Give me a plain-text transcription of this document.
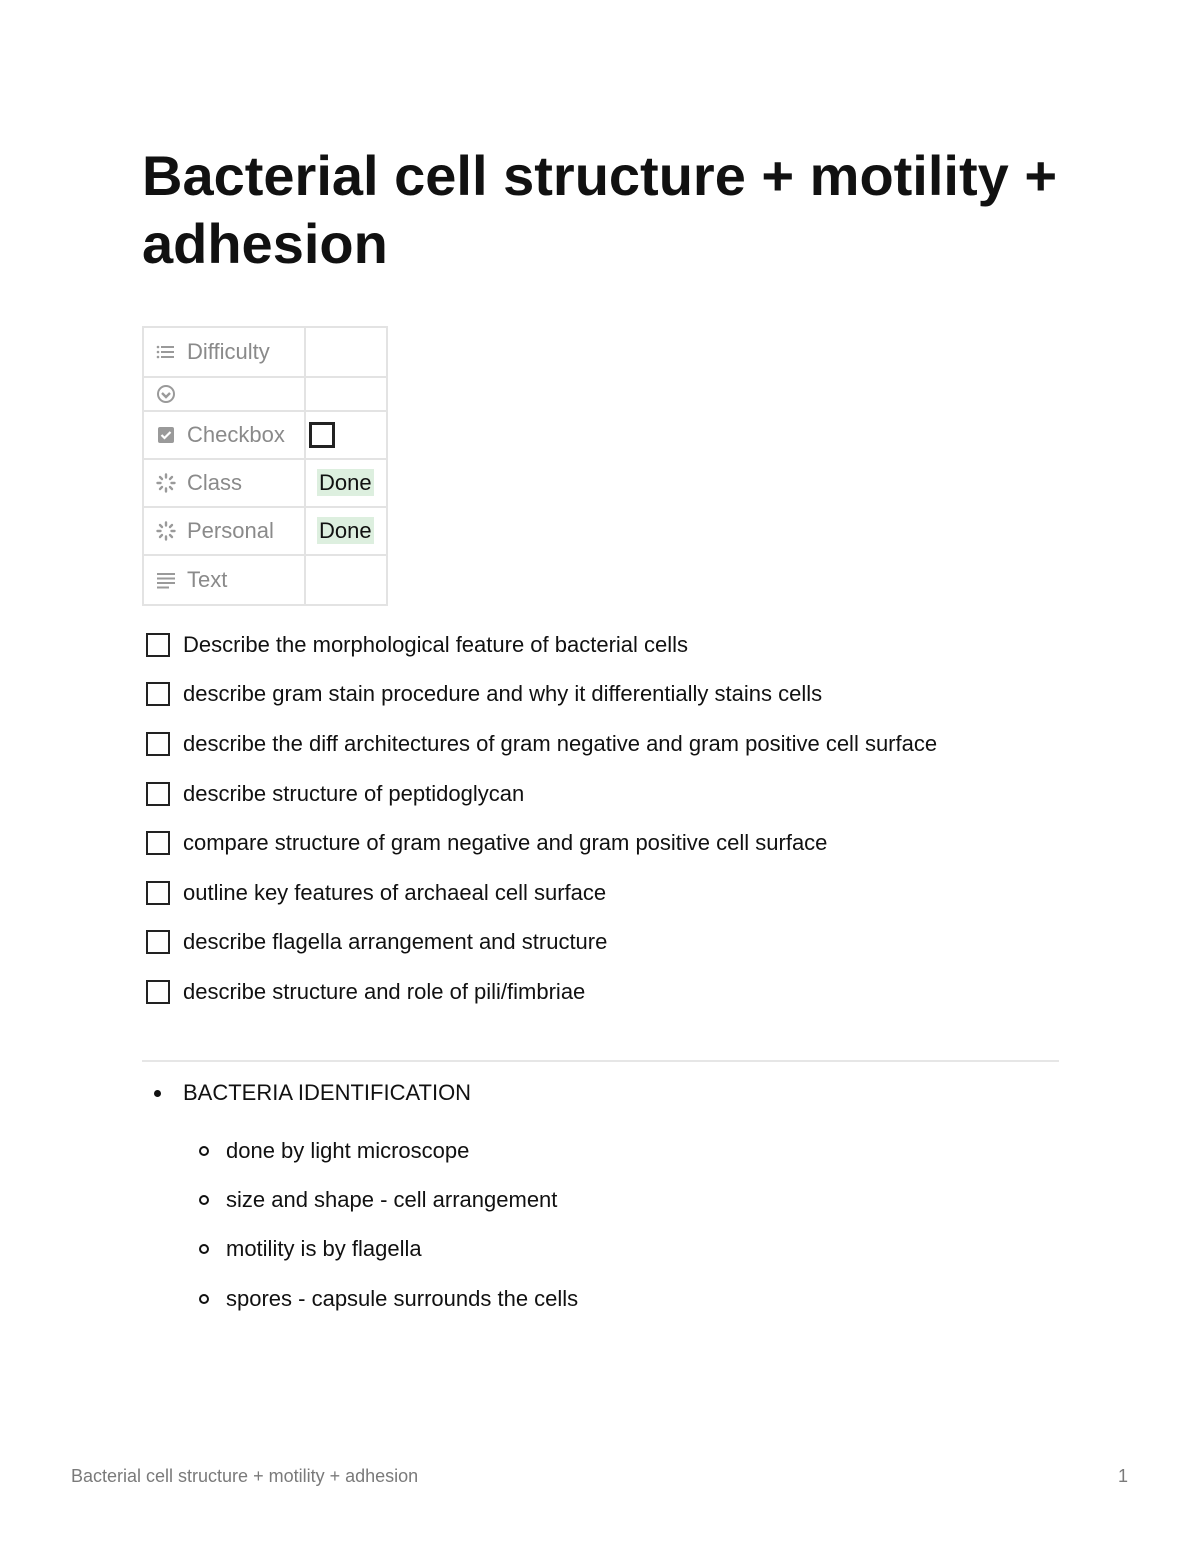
Bacterial cell structure + motility + adhesion
Difficulty	

Checkbox	

Class	Done

Personal	Done

Text	

Describe the morphological feature of bacterial cells
describe gram stain procedure and why it differentially stains cells
describe the diff architectures of gram negative and gram positive cell surface
describe structure of peptidoglycan
compare structure of gram negative and gram positive cell surface
outline key features of archaeal cell surface
describe flagella arrangement and structure
describe structure and role of pili/fimbriae
BACTERIA IDENTIFICATION
done by light microscope
size and shape - cell arrangement
motility is by flagella
spores - capsule surrounds the cells
Bacterial cell structure + motility + adhesion	1
